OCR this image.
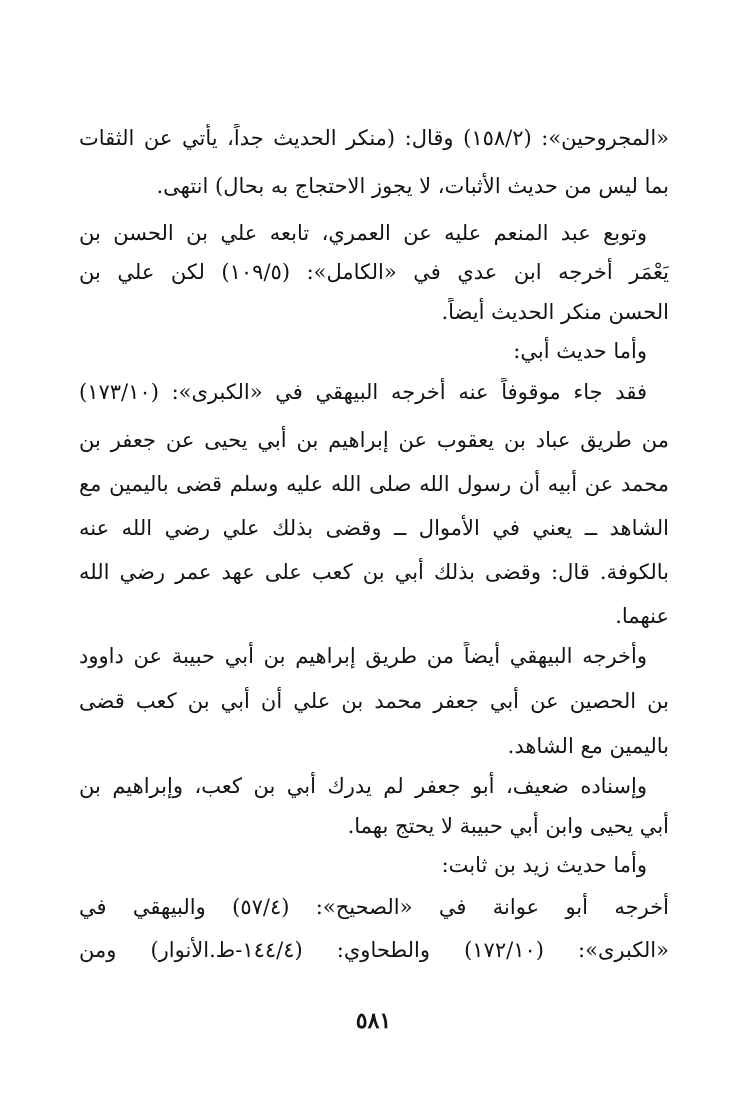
«المجروحين»: (١٥٨/٢) وقال: (منكر الحديث جداً، يأتي عن الثقات
بما ليس من حديث الأثبات، لا يجوز الاحتجاج به بحال) انتهى.
وتوبع عبد المنعم عليه عن العمري، تابعه علي بن الحسن بن
يَعْمَر أخرجه ابن عدي في «الكامل»: (١٠٩/٥) لكن علي بن
الحسن منكر الحديث أيضاً.
وأما حديث أُبي:
فقد جاء موقوفاً عنه أخرجه البيهقي في «الكبرى»: (١٧٣/١٠)
من طريق عباد بن يعقوب عن إبراهيم بن أبي يحيى عن جعفر بن
محمد عن أبيه أن رسول الله صلى الله عليه وسلم قضى باليمين مع
الشاهد ــ يعني في الأموال ــ وقضى بذلك علي رضي الله عنه
بالكوفة. قال: وقضى بذلك أُبي بن كعب على عهد عمر رضي الله
عنهما.
وأخرجه البيهقي أيضاً من طريق إبراهيم بن أبي حبيبة عن داوود
بن الحصين عن أبي جعفر محمد بن علي أن أُبي بن كعب قضى
باليمين مع الشاهد.
وإسناده ضعيف، أبو جعفر لم يدرك أُبي بن كعب، وإبراهيم بن
أبي يحيى وابن أبي حبيبة لا يحتج بهما.
وأما حديث زيد بن ثابت:
أخرجه أبو عوانة في «الصحيح»: (٥٧/٤) والبيهقي في
«الكبرى»: (١٧٢/١٠) والطحاوي: (١٤٤/٤-ط.الأنوار) ومن
٥٨١
